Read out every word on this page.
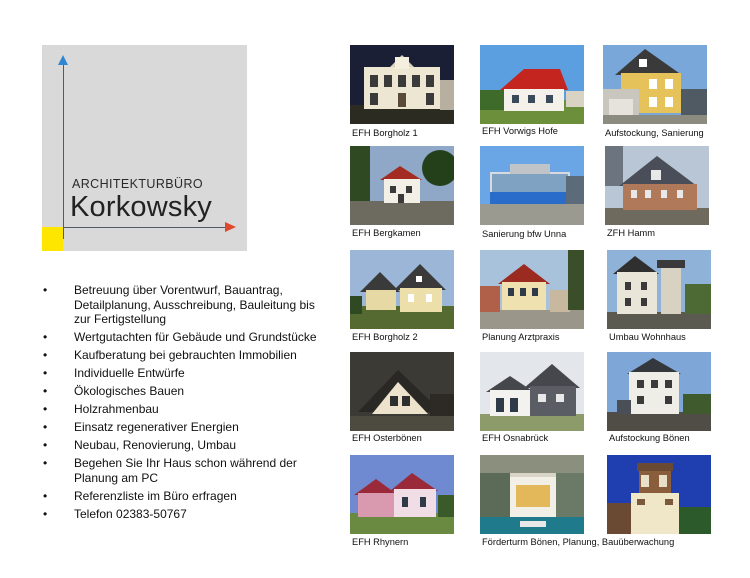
ARCHITEKTURBÜRO
Korkowsky
• Betreuung über Vorentwurf, Bauantrag, Detailplanung, Ausschreibung, Bauleitung bis zur Fertigstellung
• Wertgutachten für Gebäude und Grundstücke
• Kaufberatung bei gebrauchten Immobilien
• Individuelle Entwürfe
• Ökologisches Bauen
• Holzrahmenbau
• Einsatz regenerativer Energien
• Neubau, Renovierung, Umbau
• Begehen Sie Ihr Haus schon während der Planung am PC
• Referenzliste im Büro erfragen
• Telefon 02383-50767
EFH Borgholz 1	EFH Vorwigs Hofe	Aufstockung, Sanierung
EFH Bergkamen	Sanierung bfw Unna	ZFH Hamm
EFH Borgholz 2	Planung Arztpraxis	Umbau Wohnhaus
EFH Osterbönen	EFH Osnabrück	Aufstockung Bönen
EFH Rhynern	Förderturm Bönen, Planung, Bauüberwachung
